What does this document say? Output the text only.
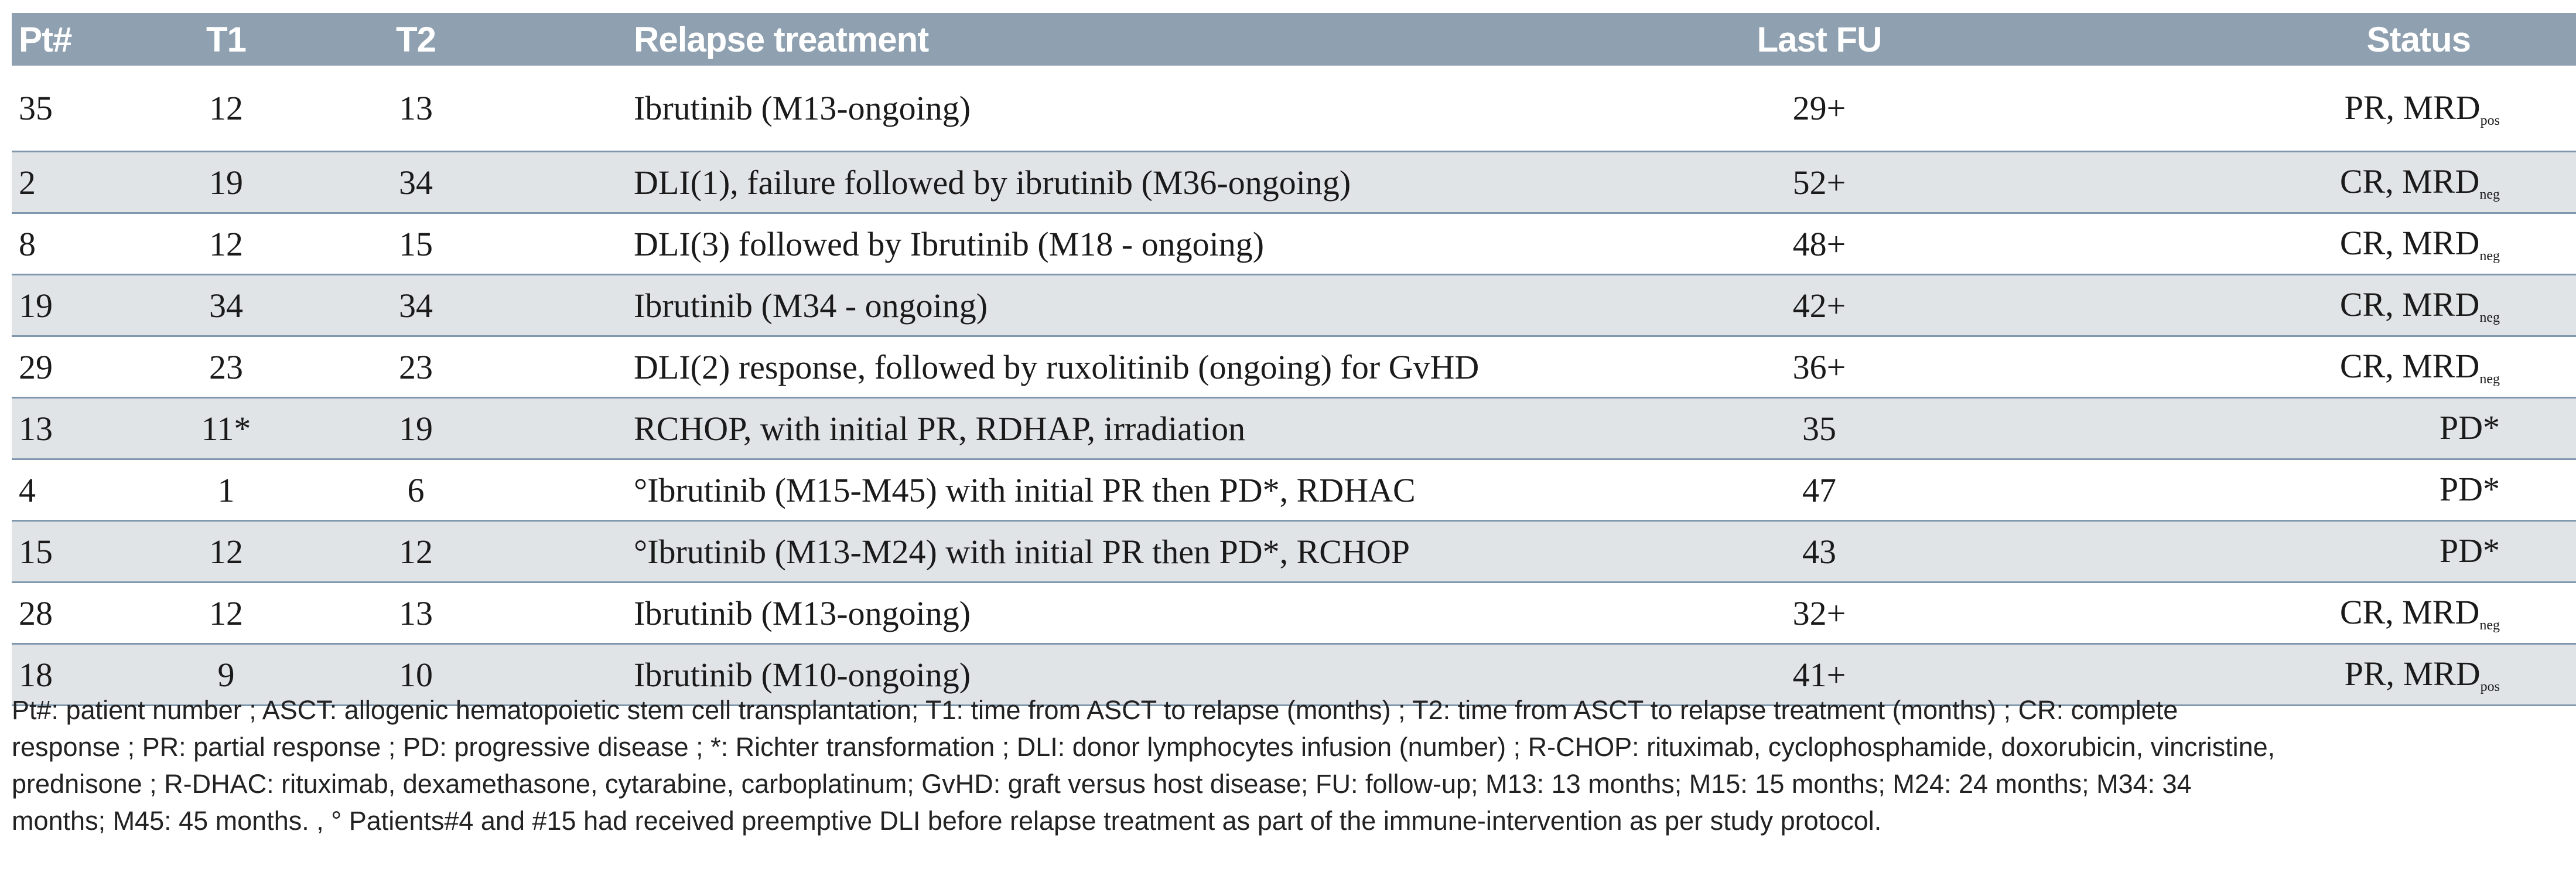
Pt#	T1	T2	Relapse treatment	Last FU	Status
35	12	13	Ibrutinib (M13-ongoing)	29+	PR, $MRD_{pos}$
2	19	34	DLI(1), failure followed by ibrutinib (M36-ongoing)	52+	CR, $MRD_{neg}$
8	12	15	DLI(3) followed by Ibrutinib (M18 - ongoing)	48+	CR, $MRD_{neg}$
19	34	34	Ibrutinib (M34 - ongoing)	42+	CR, $MRD_{neg}$
29	23	23	DLI(2) response, followed by ruxolitinib (ongoing) for GvHD	36+	CR, $MRD_{neg}$
13	11*	19	RCHOP, with initial PR, RDHAP, irradiation	35	PD*
4	1	6	°Ibrutinib (M15-M45) with initial PR then PD*, RDHAC	47	PD*
15	12	12	°Ibrutinib (M13-M24) with initial PR then PD*, RCHOP	43	PD*
28	12	13	Ibrutinib (M13-ongoing)	32+	CR, $MRD_{neg}$
18	9	10	Ibrutinib (M10-ongoing)	41+	PR, $MRD_{pos}$

Pt#: patient number ; ASCT: allogenic hematopoietic stem cell transplantation; T1: time from ASCT to relapse (months) ; T2: time from ASCT to relapse treatment (months) ; CR: complete response ; PR: partial response ; PD: progressive disease ; *: Richter transformation ; DLI: donor lymphocytes infusion (number) ; R-CHOP: rituximab, cyclophosphamide, doxorubicin, vincristine, prednisone ; R-DHAC: rituximab, dexamethasone, cytarabine, carboplatinum; GvHD: graft versus host disease; FU: follow-up; M13: 13 months; M15: 15 months; M24: 24 months; M34: 34 months; M45: 45 months. , ° Patients#4 and #15 had received preemptive DLI before relapse treatment as part of the immune-intervention as per study protocol.
